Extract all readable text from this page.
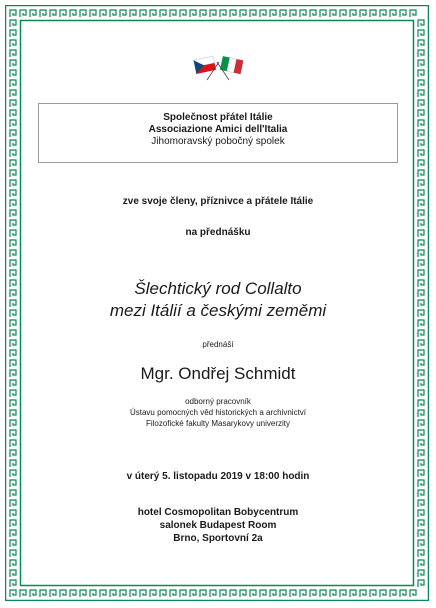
Společnost přátel Itálie
Associazione Amici dell'Italia
Jihomoravský pobočný spolek
zve svoje členy, příznivce a přátele Itálie
na přednášku
Šlechtický rod Collalto
mezi Itálií a českými zeměmi
přednáší
Mgr. Ondřej Schmidt
odborný pracovník
Ústavu pomocných věd historických a archivnictví
Filozofické fakulty Masarykovy univerzity
v úterý 5. listopadu 2019 v 18:00 hodin
hotel Cosmopolitan Bobycentrum
salonek Budapest Room
Brno, Sportovní 2a
